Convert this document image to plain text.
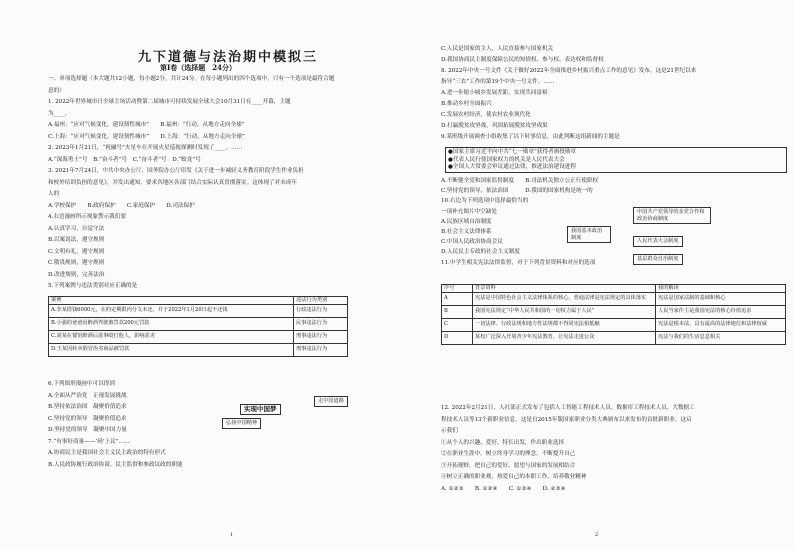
九下道德与法治期中模拟三
第Ⅰ卷（选择题　24分）
一、单项选择题（本大题共12小题，每小题2分，共计24分。在每小题列出的四个选项中，只有一个选项是最符合题
意的）
1. 2022年世界城市日全球主场活动暨第二届城市可持续发展全球大会10月31日在____开幕，主题
为____。
A.福州：“应对气候变化，建设韧性城市”　　B.福州：“行动，从地方走向全球”
C.上海：“应对气候变化，建设韧性城市”　　D.上海：“行动，从地方走向全球”
2. 2023年1月21日，“祝融号”火星车在开展火星巡视探测时发现了____。……
A.“深海勇士”号　B.“奋斗者”号　C.“奋斗者”号　D.“蛟龙”号
3. 2021年7月24日，中共中央办公厅、国务院办公厅印发《关于进一步减轻义务教育阶段学生作业负担
和校外培训负担的意见》，并发出通知，要求各地区各部门结合实际认真贯彻落实。这体现了对未成年
人的
A.学校保护　　B.政府保护　　C.家庭保护　　D.司法保护
4.右边漫画所示现象警示我们要
A.认真学习，自觉守法
B.以案说法，遵守规则
C.文明有礼，遵守规则
C.敬畏规则，遵守规则
D.改进规则，完善法治
5.下列案例与违法类别对应正确的是
案例	违法行为类别
A.李某借钱6000元，在约定期限内分文未还，并于2022年1月20日起不还钱	行政违法行为
B.小强的爸爸因醉酒驾驶被罚款200元罚款	民事违法行为
C.刘某在餐馆醉酒后滋事殴打他人，影响恶劣	刑事违法行为
D.王某因转卖假冒伪劣商品被罚款	刑事违法行为
6.下列图形漫画中可以得到
A.全面从严治党　正视发展挑战
B.坚持依法治国　凝聚价值追求
C.坚持党的领导　凝聚价值追求
D.坚持党的领导　凝聚中国力量
7.“有事好商量——‘码’上议”……
A.协商民主是我国社会主义民主政治的特有形式
B.人民政协履行政治协商、民主监督和参政议政的职能
实现中国梦
弘扬中国精神
走中国道路
1
C.人民是国家的主人，人民直接参与国家机关
D.我国协商民主制度保障公民的知情权、参与权、表达权和监督权
8. 2022年中央一号文件《关于做好2022年全面推进乡村振兴重点工作的意见》发布，这是21世纪以来
指导“三农”工作的第19个中央一号文件。……
A.进一步缩小城乡发展差距，实现共同富裕
B.推动乡村全面振兴
C.发展农村经济，使农村农业现代化
D.打赢脱贫攻坚战，巩固拓展脱贫攻坚成果
9.某班级开展调查小组收集了以下时事信息，由此判断这组新闻的主题是
●国家主席习近平向中共“七一勋章”获得者颁授勋章
●代表人民行使国家权力的机关是人民代表大会
●全国人大常委会审议通过法律，推进法治建设进程
A.不断健全党和国家监督制度　　B.司法机关独立公正行使职权
C.坚持党的领导，依法治国　　　D.我国的国家机构是统一的
10.右边为下列选项中选择最恰当的
一项补充图片中空缺处
A.民族区域自治制度
B.社会主义法律体系
C.中国人民政治协商会议
D.人民民主专政的社会主义制度
11.中学生相关宪法法律监督，对于下列背景资料和对应的选项
我国基本政治制度
中国共产党领导的多党合作和政治协商制度
人民代表大会制度
基层群众自治制度
序号	背景资料	我的解读
A	宪法是中国特色社会主义法律体系的核心，普通法律是宪法规定的具体落实	宪法是国家法制的基础和核心
B	我国宪法规定“中华人民共和国的一切权力属于人民”	人民当家作主是我国宪法的核心价值追求
C	一切法律、行政法规和地方性法规都不得同宪法相抵触	宪法是根本法，具有最高的法律地位和法律权威
D	某校广泛深入开展青少年宪法教育，让宪法走进公众	宪法与我们的生活息息相关
12. 2022年2月21日，人社部正式发布了包括人工智能工程技术人员、数据库工程技术人员、大数据工
程技术人员等13个新职业信息，这是自2015年版国家职业分类大典颁布以来发布的首批新职业。这启
示我们
①从个人的兴趣、爱好、特长出发，作出职业选择
②在职业生涯中，树立终身学习的理念，不断提升自己
③开拓视野，把自己的爱好、愿望与国家的发展相结合
④树立正确的职业观，热爱自己的本职工作，培养敬业精神
A. ①②③　　B. ①②④　　C. ①③④　　D. ②③④
2
